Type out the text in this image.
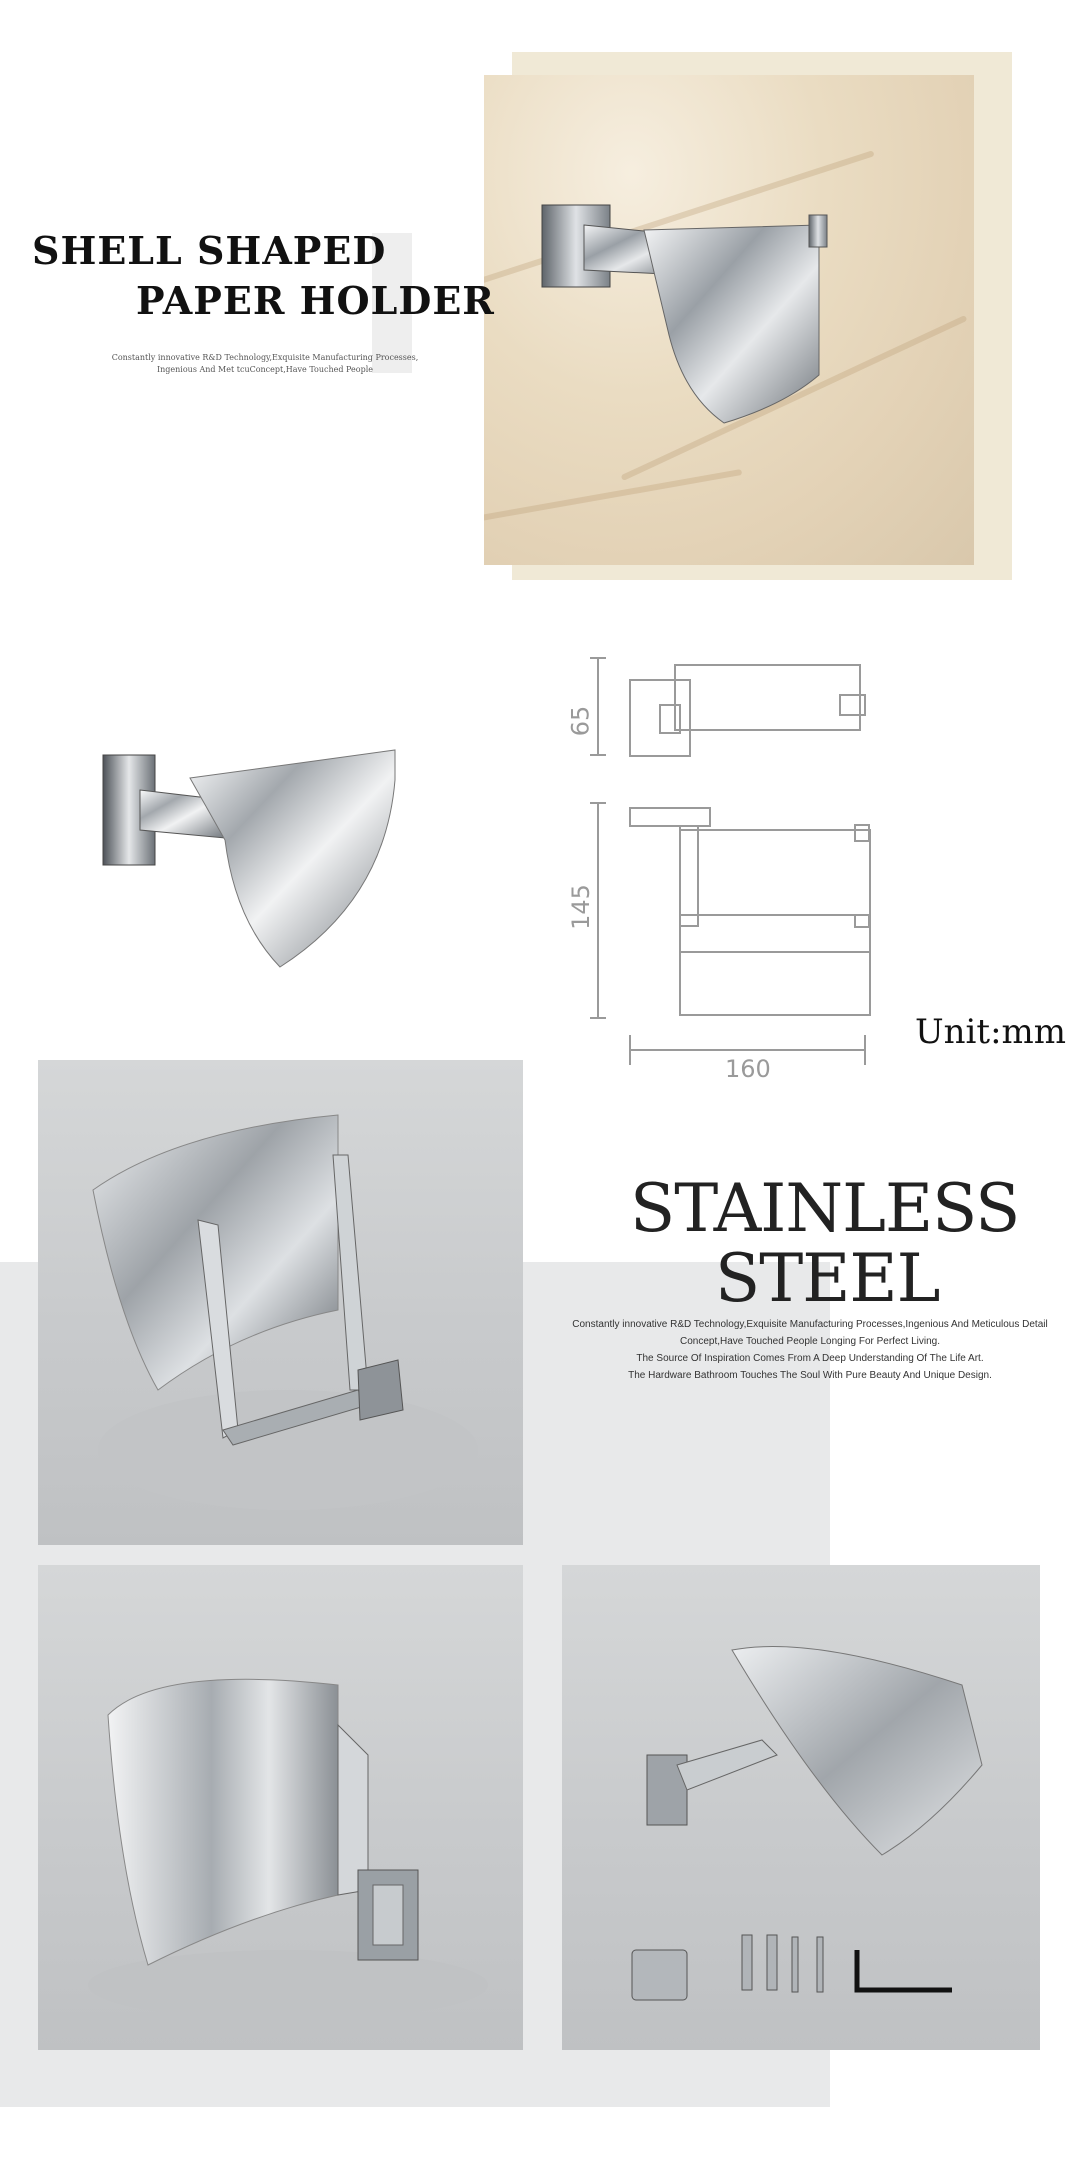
SHELL SHAPED
PAPER HOLDER
Constantly innovative R&D Technology,Exquisite Manufacturing Processes,
Ingenious And Met tcuConcept,Have Touched People
65
145
160
Unit:mm
STAINLESS
STEEL
Constantly innovative R&D Technology,Exquisite Manufacturing Processes,Ingenious And Meticulous Detail
Concept,Have Touched People Longing For Perfect Living.
The Source Of Inspiration Comes From A Deep Understanding Of The Life Art.
The Hardware Bathroom Touches The Soul With Pure Beauty And Unique Design.
